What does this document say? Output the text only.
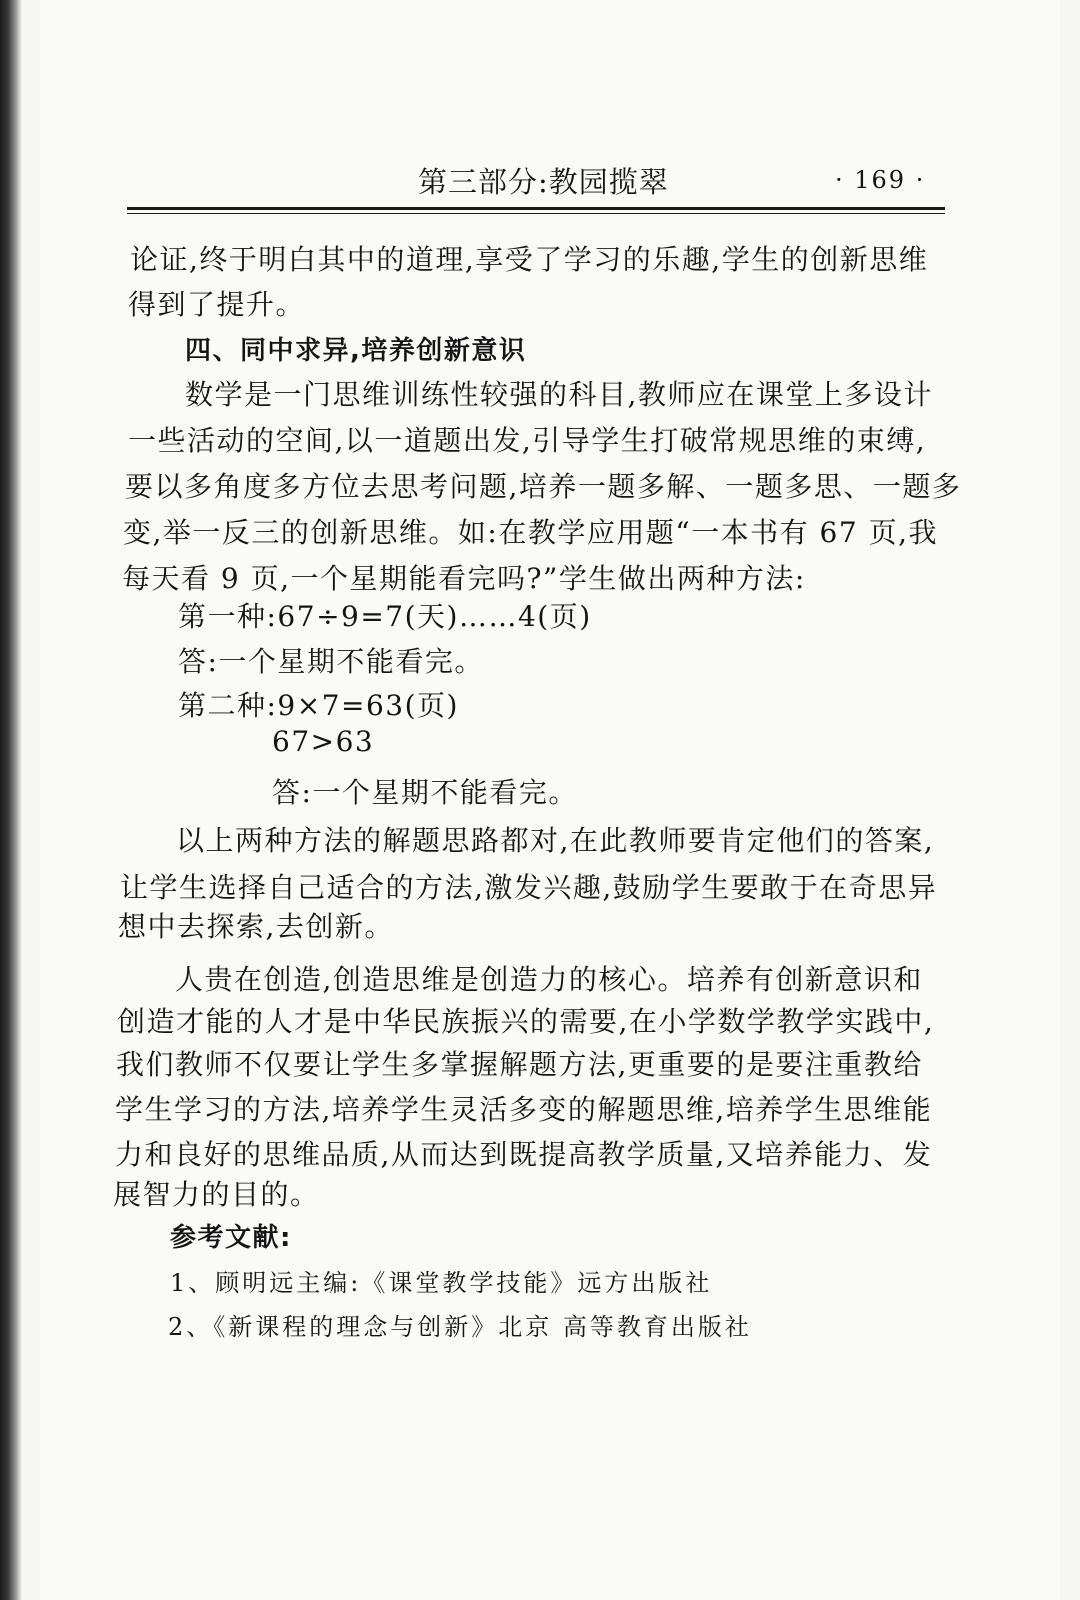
第三部分:教园揽翠	· 169 ·
论证,终于明白其中的道理,享受了学习的乐趣,学生的创新思维
得到了提升。
四、同中求异,培养创新意识
数学是一门思维训练性较强的科目,教师应在课堂上多设计
一些活动的空间,以一道题出发,引导学生打破常规思维的束缚,
要以多角度多方位去思考问题,培养一题多解、一题多思、一题多
变,举一反三的创新思维。如:在教学应用题“一本书有 67 页,我
每天看 9 页,一个星期能看完吗?”学生做出两种方法:
第一种:67÷9=7(天)……4(页)
答:一个星期不能看完。
第二种:9×7=63(页)
67>63
答:一个星期不能看完。
以上两种方法的解题思路都对,在此教师要肯定他们的答案,
让学生选择自己适合的方法,激发兴趣,鼓励学生要敢于在奇思异
想中去探索,去创新。
人贵在创造,创造思维是创造力的核心。培养有创新意识和
创造才能的人才是中华民族振兴的需要,在小学数学教学实践中,
我们教师不仅要让学生多掌握解题方法,更重要的是要注重教给
学生学习的方法,培养学生灵活多变的解题思维,培养学生思维能
力和良好的思维品质,从而达到既提高教学质量,又培养能力、发
展智力的目的。
参考文献:
1、顾明远主编:《课堂教学技能》远方出版社
2、《新课程的理念与创新》北京 高等教育出版社
